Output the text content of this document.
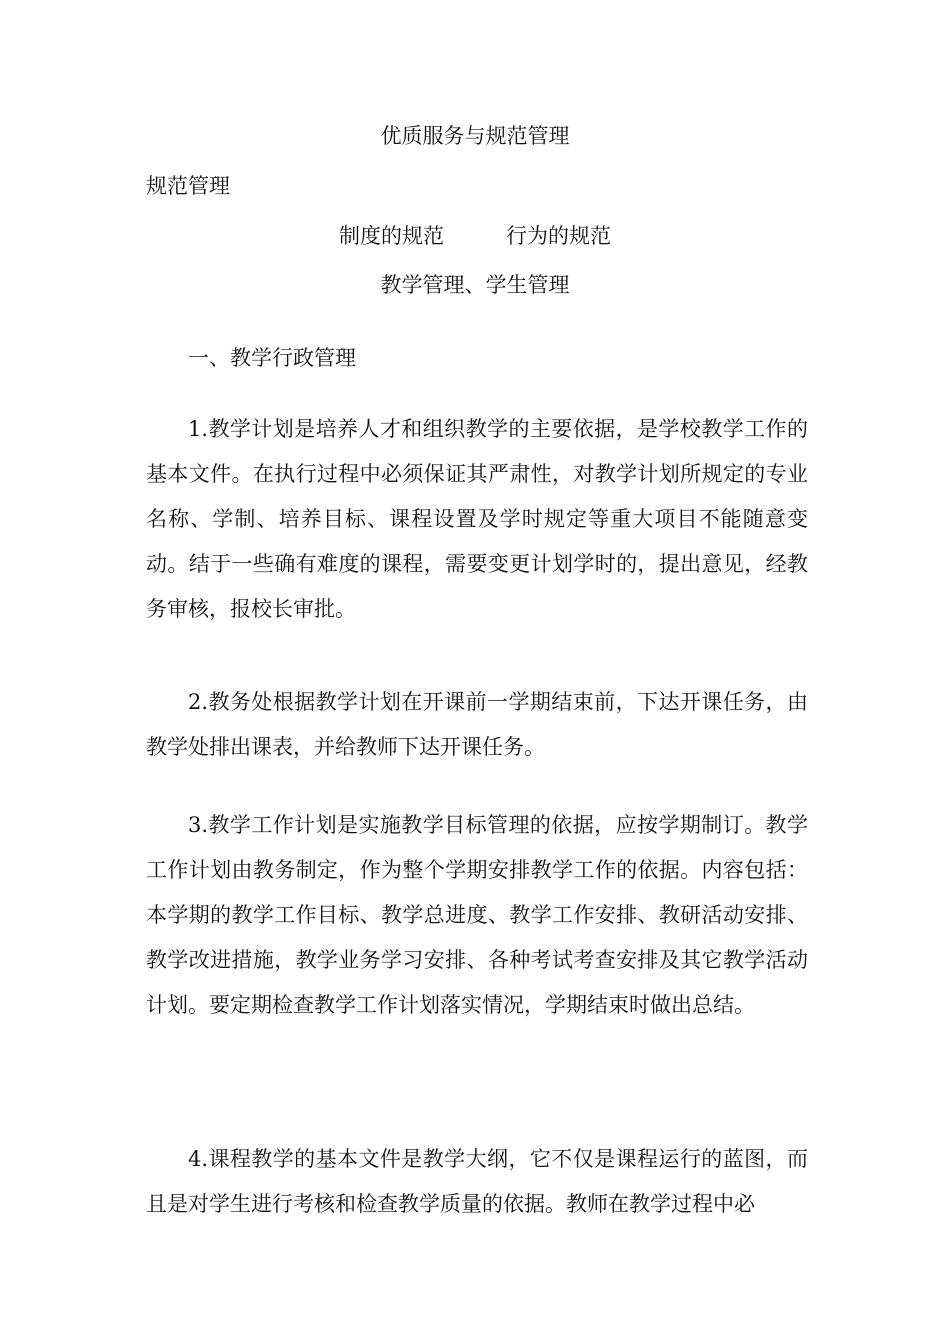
优质服务与规范管理
规范管理
制度的规范	行为的规范
教学管理、学生管理
一、教学行政管理

1.教学计划是培养人才和组织教学的主要依据，是学校教学工作的基本文件。在执行过程中必须保证其严肃性，对教学计划所规定的专业名称、学制、培养目标、课程设置及学时规定等重大项目不能随意变动。结于一些确有难度的课程，需要变更计划学时的，提出意见，经教务审核，报校长审批。

2.教务处根据教学计划在开课前一学期结束前，下达开课任务，由教学处排出课表，并给教师下达开课任务。

3.教学工作计划是实施教学目标管理的依据，应按学期制订。教学工作计划由教务制定，作为整个学期安排教学工作的依据。内容包括：本学期的教学工作目标、教学总进度、教学工作安排、教研活动安排、教学改进措施，教学业务学习安排、各种考试考查安排及其它教学活动计划。要定期检查教学工作计划落实情况，学期结束时做出总结。

4.课程教学的基本文件是教学大纲，它不仅是课程运行的蓝图，而且是对学生进行考核和检查教学质量的依据。教师在教学过程中必
